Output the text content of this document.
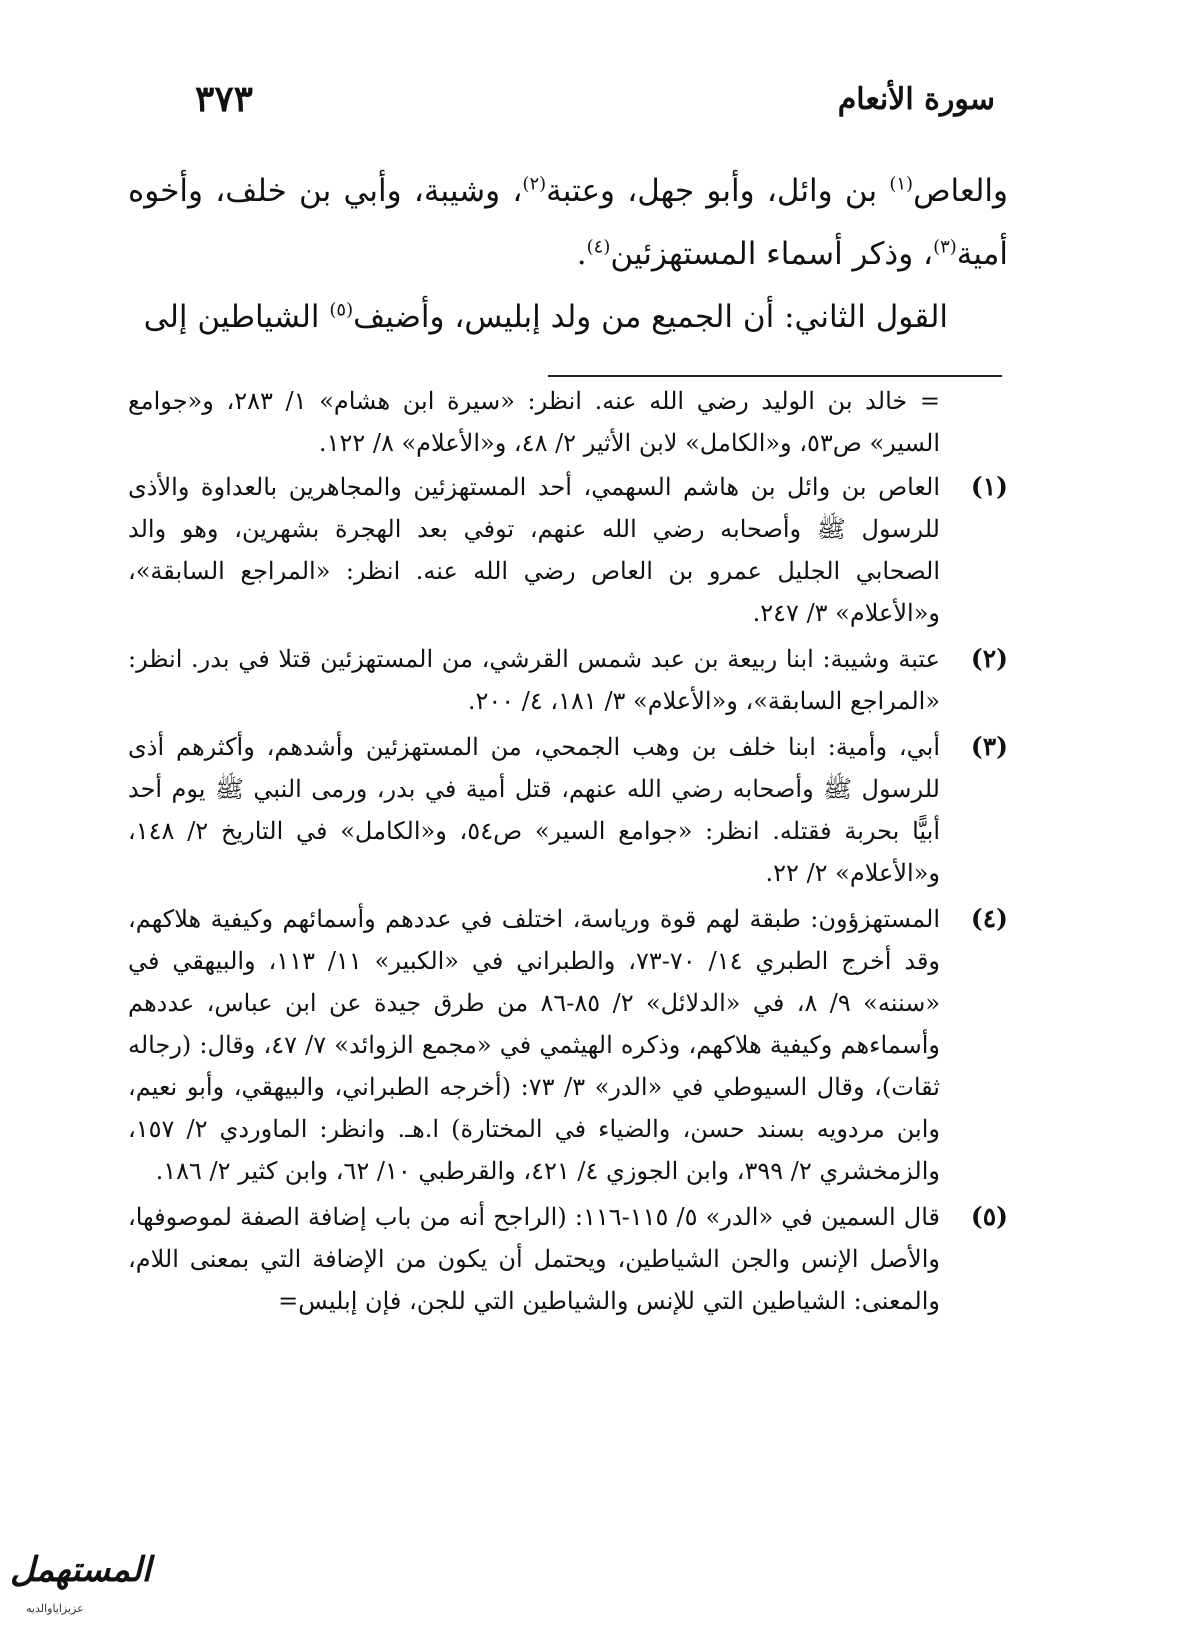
سورة الأنعام
٣٧٣

والعاص$^{(١)}$ بن وائل، وأبو جهل، وعتبة$^{(٢)}$، وشيبة، وأبي بن خلف، وأخوه أمية$^{(٣)}$، وذكر أسماء المستهزئين$^{(٤)}$.

القول الثاني: أن الجميع من ولد إبليس، وأضيف$^{(٥)}$ الشياطين إلى

= خالد بن الوليد رضي الله عنه. انظر: «سيرة ابن هشام» ١/ ٢٨٣، و«جوامع السير» ص٥٣، و«الكامل» لابن الأثير ٢/ ٤٨، و«الأعلام» ٨/ ١٢٢.

(١)
العاص بن وائل بن هاشم السهمي، أحد المستهزئين والمجاهرين بالعداوة والأذى للرسول ﷺ وأصحابه رضي الله عنهم، توفي بعد الهجرة بشهرين، وهو والد الصحابي الجليل عمرو بن العاص رضي الله عنه. انظر: «المراجع السابقة»، و«الأعلام» ٣/ ٢٤٧.
(٢)
عتبة وشيبة: ابنا ربيعة بن عبد شمس القرشي، من المستهزئين قتلا في بدر. انظر: «المراجع السابقة»، و«الأعلام» ٣/ ١٨١، ٤/ ٢٠٠.
(٣)
أبي، وأمية: ابنا خلف بن وهب الجمحي، من المستهزئين وأشدهم، وأكثرهم أذى للرسول ﷺ وأصحابه رضي الله عنهم، قتل أمية في بدر، ورمى النبي ﷺ يوم أحد أبيًّا بحربة فقتله. انظر: «جوامع السير» ص٥٤، و«الكامل» في التاريخ ٢/ ١٤٨، و«الأعلام» ٢/ ٢٢.
(٤)
المستهزؤون: طبقة لهم قوة ورياسة، اختلف في عددهم وأسمائهم وكيفية هلاكهم، وقد أخرج الطبري ١٤/ ٧٠-٧٣، والطبراني في «الكبير» ١١/ ١١٣، والبيهقي في «سننه» ٩/ ٨، في «الدلائل» ٢/ ٨٥-٨٦ من طرق جيدة عن ابن عباس، عددهم وأسماءهم وكيفية هلاكهم، وذكره الهيثمي في «مجمع الزوائد» ٧/ ٤٧، وقال: (رجاله ثقات)، وقال السيوطي في «الدر» ٣/ ٧٣: (أخرجه الطبراني، والبيهقي، وأبو نعيم، وابن مردويه بسند حسن، والضياء في المختارة) ا.هـ. وانظر: الماوردي ٢/ ١٥٧، والزمخشري ٢/ ٣٩٩، وابن الجوزي ٤/ ٤٢١، والقرطبي ١٠/ ٦٢، وابن كثير ٢/ ١٨٦.
(٥)
قال السمين في «الدر» ٥/ ١١٥-١١٦: (الراجح أنه من باب إضافة الصفة لموصوفها، والأصل الإنس والجن الشياطين، ويحتمل أن يكون من الإضافة التي بمعنى اللام، والمعنى: الشياطين التي للإنس والشياطين التي للجن، فإن إبليس=
المستهمل
عزيزاياوالديه
